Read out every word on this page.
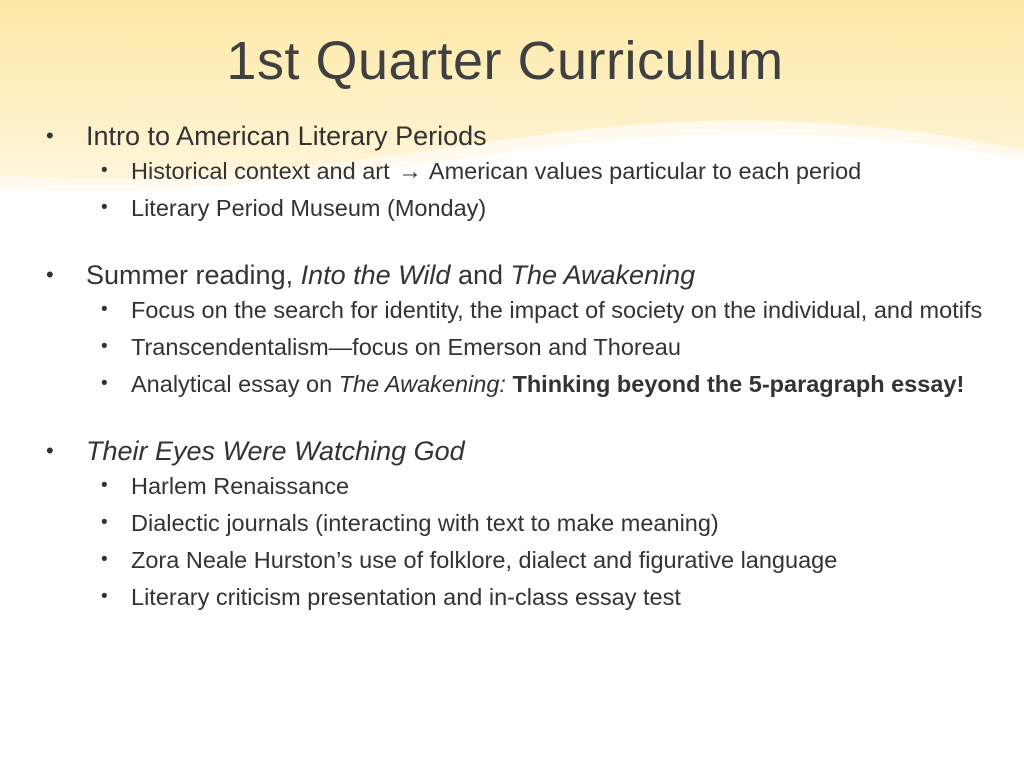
1st Quarter Curriculum
• Intro to American Literary Periods
• Historical context and art → American values particular to each period
• Literary Period Museum (Monday)
• Summer reading, Into the Wild and The Awakening
• Focus on the search for identity, the impact of society on the individual, and motifs
• Transcendentalism—focus on Emerson and Thoreau
• Analytical essay on The Awakening: Thinking beyond the 5-paragraph essay!
• Their Eyes Were Watching God
• Harlem Renaissance
• Dialectic journals (interacting with text to make meaning)
• Zora Neale Hurston’s use of folklore, dialect and figurative language
• Literary criticism presentation and in-class essay test
